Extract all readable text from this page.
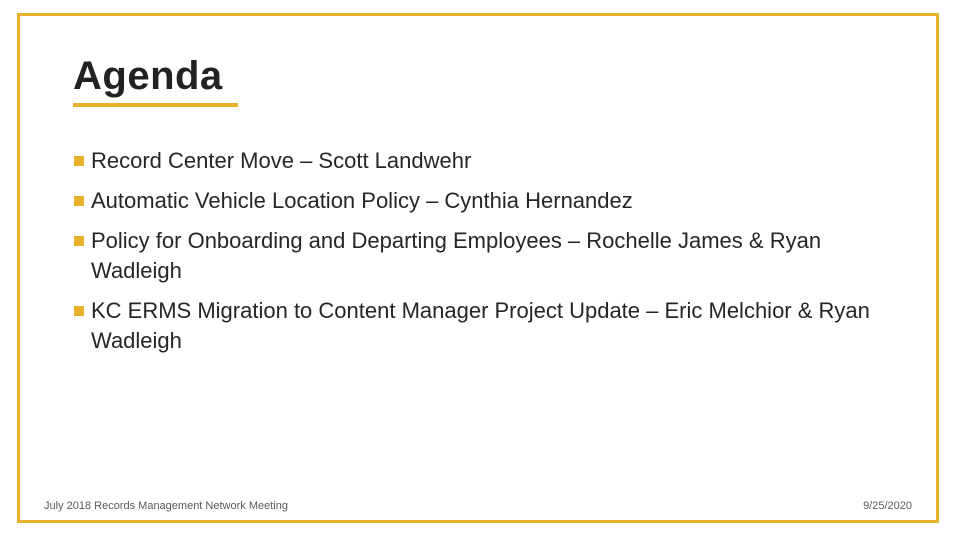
Agenda
Record Center Move – Scott Landwehr
Automatic Vehicle Location Policy – Cynthia Hernandez
Policy for Onboarding and Departing Employees – Rochelle James & Ryan Wadleigh
KC ERMS Migration to Content Manager Project Update – Eric Melchior & Ryan Wadleigh
July 2018 Records Management Network Meeting	9/25/2020
